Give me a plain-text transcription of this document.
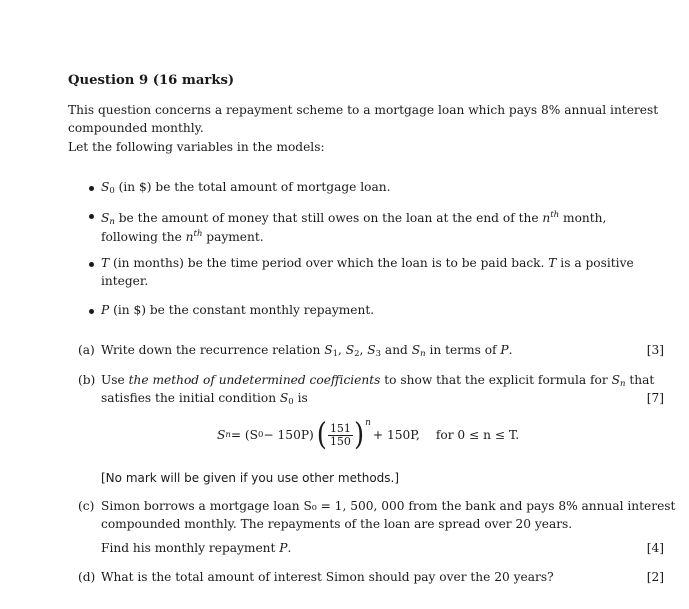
Question 9 (16 marks)
This question concerns a repayment scheme to a mortgage loan which pays 8% annual interest
compounded monthly.
Let the following variables in the models:
$S_0$ (in $) be the total amount of mortgage loan.
$S_n$ be the amount of money that still owes on the loan at the end of the $n^{th}$ month,
following the $n^{th}$ payment.
T (in months) be the time period over which the loan is to be paid back. T is a positive
integer.
P (in $) be the constant monthly repayment.
(a) Write down the recurrence relation $S_1$, $S_2$, $S_3$ and $S_n$ in terms of P.	[3]
(b) Use the method of undetermined coefficients to show that the explicit formula for $S_n$ that
satisfies the initial condition $S_0$ is	[7]
S n = (S 0 − 150P) ( $\frac{151}{150}$ ) n
+ 150P, for 0 ≤ n ≤ T.
[No mark will be given if you use other methods.]
(c) Simon borrows a mortgage loan S₀ = 1, 500, 000 from the bank and pays 8% annual interest
compounded monthly. The repayments of the loan are spread over 20 years.
Find his monthly repayment P.	[4]
(d) What is the total amount of interest Simon should pay over the 20 years?	[2]
